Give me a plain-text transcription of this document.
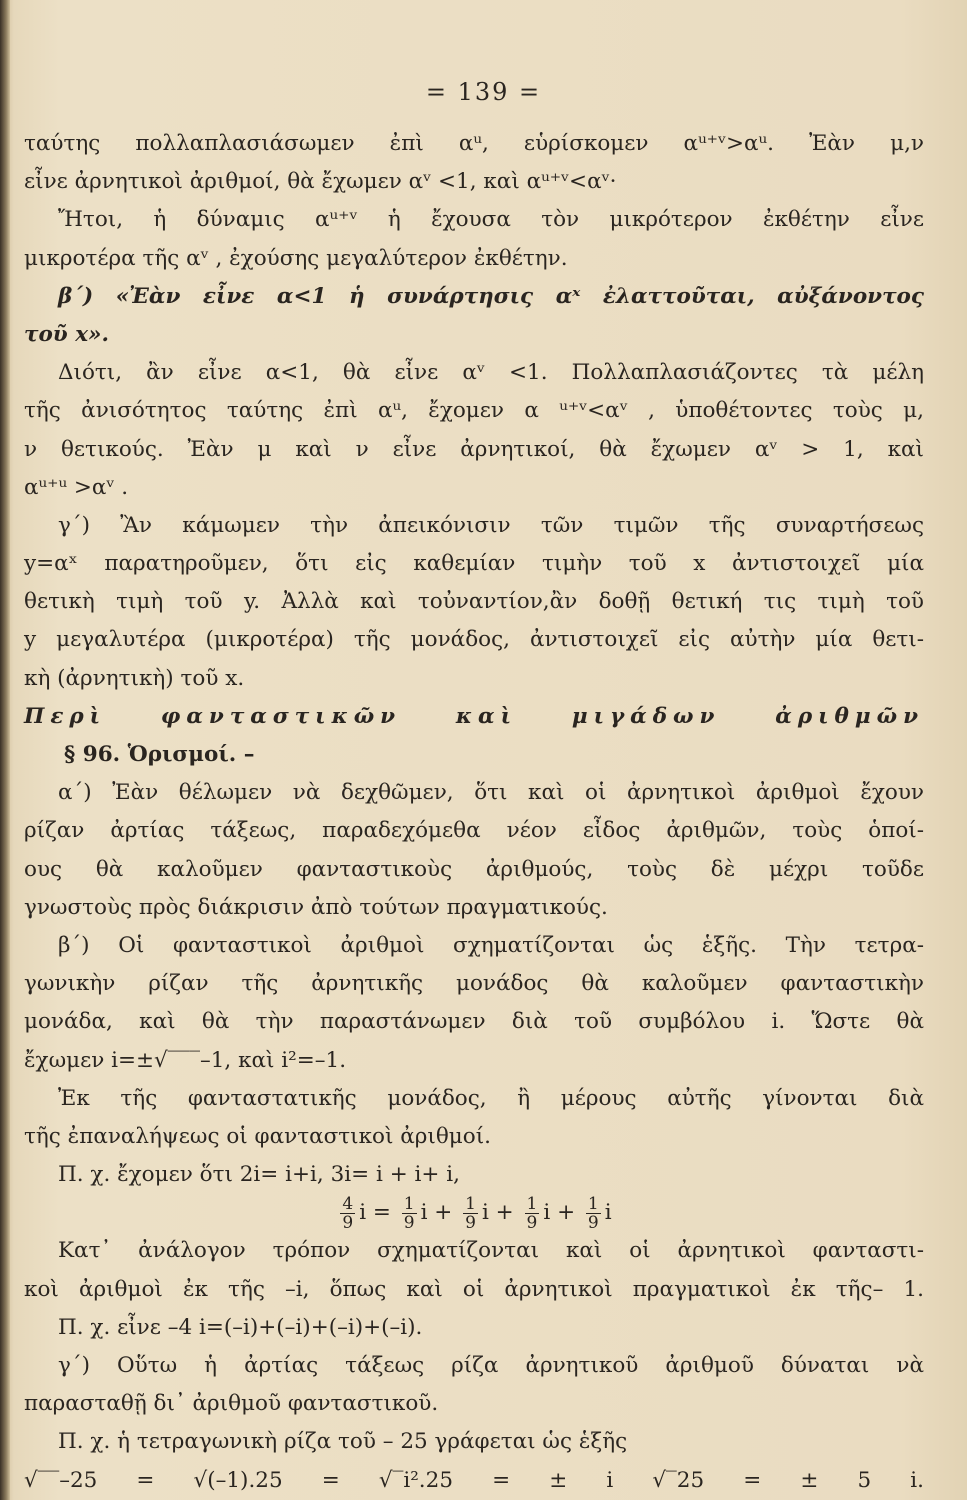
= 139 =
ταύτης πολλαπλασιάσωμεν ἐπὶ αᵘ, εὑρίσκομεν αᵘ⁺ᵛ>αᵘ. Ἐὰν μ,ν
εἶνε ἀρνητικοὶ ἀριθμοί, θὰ ἔχωμεν αᵛ <1, καὶ αᵘ⁺ᵛ<αᵛ·
Ἤτοι, ἡ δύναμις αᵘ⁺ᵛ ἡ ἔχουσα τὸν μικρότερον ἐκθέτην εἶνε
μικροτέρα τῆς αᵛ , ἐχούσης μεγαλύτερον ἐκθέτην.
β΄) «Ἐὰν εἶνε α<1 ἡ συνάρτησις αˣ ἐλαττοῦται, αὐξάνοντος
τοῦ x».
Διότι, ἂν εἶνε α<1, θὰ εἶνε αᵛ <1. Πολλαπλασιάζοντες τὰ μέλη
τῆς ἀνισότητος ταύτης ἐπὶ αᵘ, ἔχομεν α ᵘ⁺ᵛ<αᵛ , ὑποθέτοντες τοὺς μ,
ν θετικούς. Ἐὰν μ καὶ ν εἶνε ἀρνητικοί, θὰ ἔχωμεν αᵛ > 1, καὶ
αᵘ⁺ᵘ >αᵛ .
γ΄) Ἂν κάμωμεν τὴν ἀπεικόνισιν τῶν τιμῶν τῆς συναρτήσεως
y=αˣ παρατηροῦμεν, ὅτι εἰς καθεμίαν τιμὴν τοῦ x ἀντιστοιχεῖ μία
θετικὴ τιμὴ τοῦ y. Ἀλλὰ καὶ τοὐναντίον,ἂν δοθῇ θετική τις τιμὴ τοῦ
y μεγαλυτέρα (μικροτέρα) τῆς μονάδος, ἀντιστοιχεῖ εἰς αὐτὴν μία θετι-
κὴ (ἀρνητικὴ) τοῦ x.
Περὶ φανταστικῶν καὶ μιγάδων ἀριθμῶν
§ 96. Ὁρισμοί. –
α΄) Ἐὰν θέλωμεν νὰ δεχθῶμεν, ὅτι καὶ οἱ ἀρνητικοὶ ἀριθμοὶ ἔχουν
ρίζαν ἀρτίας τάξεως, παραδεχόμεθα νέον εἶδος ἀριθμῶν, τοὺς ὁποί-
ους θὰ καλοῦμεν φανταστικοὺς ἀριθμούς, τοὺς δὲ μέχρι τοῦδε
γνωστοὺς πρὸς διάκρισιν ἀπὸ τούτων πραγματικούς.
β΄) Οἱ φανταστικοὶ ἀριθμοὶ σχηματίζονται ὡς ἑξῆς. Τὴν τετρα-
γωνικὴν ρίζαν τῆς ἀρνητικῆς μονάδος θὰ καλοῦμεν φανταστικὴν
μονάδα, καὶ θὰ τὴν παραστάνωμεν διὰ τοῦ συμβόλου i. Ὥστε θὰ
ἔχωμεν i=±√‾‾‾–1, καὶ i²=–1.
Ἐκ τῆς φανταστατικῆς μονάδος, ἢ μέρους αὐτῆς γίνονται διὰ
τῆς ἐπαναλήψεως οἱ φανταστικοὶ ἀριθμοί.
Π. χ. ἔχομεν ὅτι 2i= i+i, 3i= i + i+ i,
$\frac{4}{9}$ $i = \frac{1}{9}$ $i + \frac{1}{9}$ $i + \frac{1}{9}$ $i + \frac{1}{9}$ i
Κατ᾽ ἀνάλογον τρόπον σχηματίζονται καὶ οἱ ἀρνητικοὶ φανταστι-
κοὶ ἀριθμοὶ ἐκ τῆς –i, ὅπως καὶ οἱ ἀρνητικοὶ πραγματικοὶ ἐκ τῆς– 1.
Π. χ. εἶνε –4 i=(–i)+(–i)+(–i)+(–i).
γ΄) Οὕτω ἡ ἀρτίας τάξεως ρίζα ἀρνητικοῦ ἀριθμοῦ δύναται νὰ
παρασταθῇ δι᾽ ἀριθμοῦ φανταστικοῦ.
Π. χ. ἡ τετραγωνικὴ ρίζα τοῦ – 25 γράφεται ὡς ἑξῆς
√‾‾–25 = √(–1).25 = √‾i².25 = ± i √‾25 = ± 5 i.
